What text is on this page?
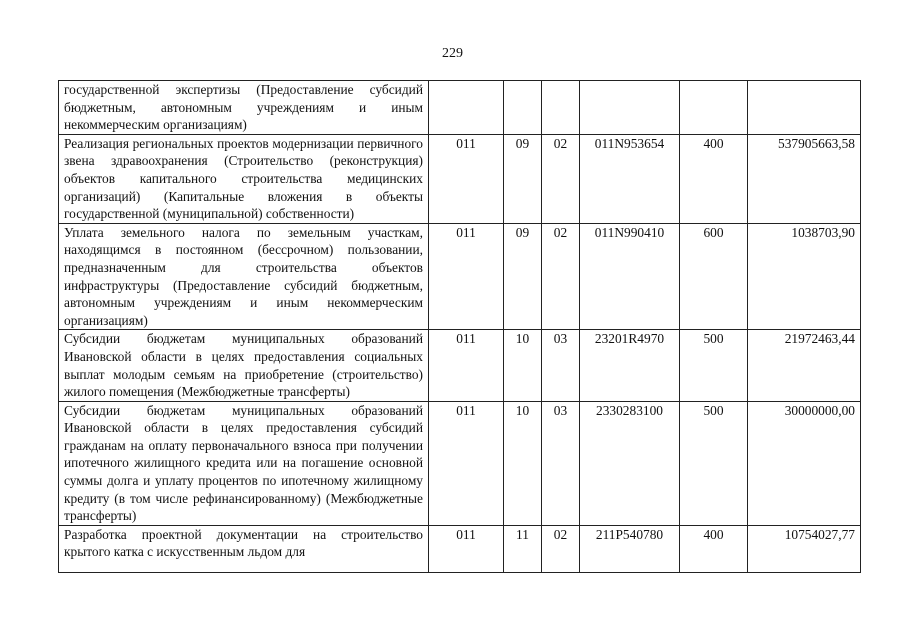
229
государственной экспертизы (Предоставление субсидий бюджетным, автономным учреждениям и иным некоммерческим организациям)						
Реализация региональных проектов модернизации первичного звена здравоохранения (Строительство (реконструкция) объектов капитального строительства медицинских организаций) (Капитальные вложения в объекты государственной (муниципальной) собственности)	011	09	02	011N953654	400	537905663,58
Уплата земельного налога по земельным участкам, находящимся в постоянном (бессрочном) пользовании, предназначенным для строительства объектов инфраструктуры (Предоставление субсидий бюджетным, автономным учреждениям и иным некоммерческим организациям)	011	09	02	011N990410	600	1038703,90
Субсидии бюджетам муниципальных образований Ивановской области в целях предоставления социальных выплат молодым семьям на приобретение (строительство) жилого помещения (Межбюджетные трансферты)	011	10	03	23201R4970	500	21972463,44
Субсидии бюджетам муниципальных образований Ивановской области в целях предоставления субсидий гражданам на оплату первоначального взноса при получении ипотечного жилищного кредита или на погашение основной суммы долга и уплату процентов по ипотечному жилищному кредиту (в том числе рефинансированному) (Межбюджетные трансферты)	011	10	03	2330283100	500	30000000,00

Разработка проектной документации на строительство крытого катка с искусственным льдом для	011	11	02	211P540780	400	10754027,77
